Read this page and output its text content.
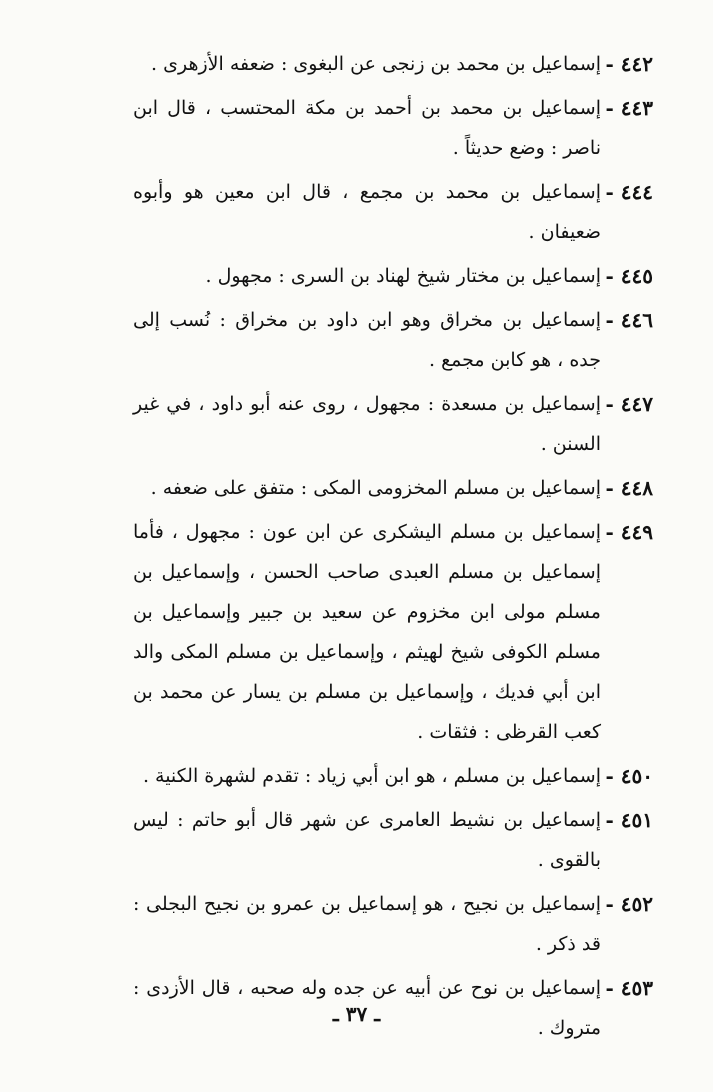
٤٤٢ -
إسماعيل بن محمد بن زنجى عن البغوى : ضعفه الأزهرى .
٤٤٣ -
إسماعيل بن محمد بن أحمد بن مكة المحتسب ، قال ابن ناصر : وضع حديثاً .
٤٤٤ -
إسماعيل بن محمد بن مجمع ، قال ابن معين هو وأبوه ضعيفان .
٤٤٥ -
إسماعيل بن مختار شيخ لهناد بن السرى : مجهول .
٤٤٦ -
إسماعيل بن مخراق وهو ابن داود بن مخراق : نُسب إلى جده ، هو كابن مجمع .
٤٤٧ -
إسماعيل بن مسعدة : مجهول ، روى عنه أبو داود ، في غير السنن .
٤٤٨ -
إسماعيل بن مسلم المخزومى المكى : متفق على ضعفه .
٤٤٩ -
إسماعيل بن مسلم اليشكرى عن ابن عون : مجهول ، فأما إسماعيل بن مسلم العبدى صاحب الحسن ، وإسماعيل بن مسلم مولى ابن مخزوم عن سعيد بن جبير وإسماعيل بن مسلم الكوفى شيخ لهيثم ، وإسماعيل بن مسلم المكى والد ابن أبي فديك ، وإسماعيل بن مسلم بن يسار عن محمد بن كعب القرظى : فثقات .
٤٥٠ -
إسماعيل بن مسلم ، هو ابن أبي زياد : تقدم لشهرة الكنية .
٤٥١ -
إسماعيل بن نشيط العامرى عن شهر قال أبو حاتم : ليس بالقوى .
٤٥٢ -
إسماعيل بن نجيح ، هو إسماعيل بن عمرو بن نجيح البجلى : قد ذكر .
٤٥٣ -
إسماعيل بن نوح عن أبيه عن جده وله صحبه ، قال الأزدى : متروك .
ـ ٣٧ ـ
